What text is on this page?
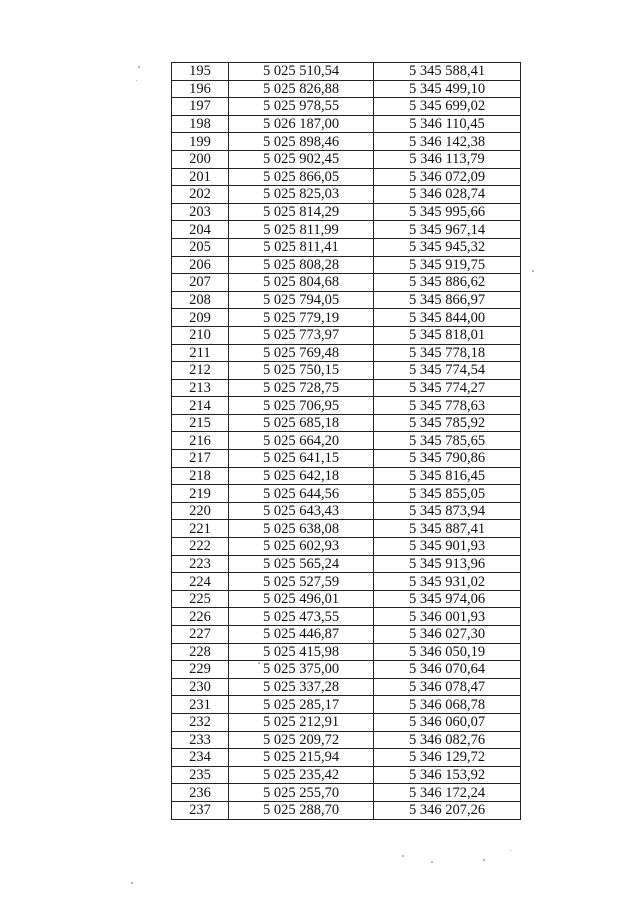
195	5 025 510,54	5 345 588,41
196	5 025 826,88	5 345 499,10
197	5 025 978,55	5 345 699,02
198	5 026 187,00	5 346 110,45
199	5 025 898,46	5 346 142,38
200	5 025 902,45	5 346 113,79
201	5 025 866,05	5 346 072,09
202	5 025 825,03	5 346 028,74
203	5 025 814,29	5 345 995,66
204	5 025 811,99	5 345 967,14
205	5 025 811,41	5 345 945,32
206	5 025 808,28	5 345 919,75
207	5 025 804,68	5 345 886,62
208	5 025 794,05	5 345 866,97
209	5 025 779,19	5 345 844,00
210	5 025 773,97	5 345 818,01
211	5 025 769,48	5 345 778,18
212	5 025 750,15	5 345 774,54
213	5 025 728,75	5 345 774,27
214	5 025 706,95	5 345 778,63
215	5 025 685,18	5 345 785,92
216	5 025 664,20	5 345 785,65
217	5 025 641,15	5 345 790,86
218	5 025 642,18	5 345 816,45
219	5 025 644,56	5 345 855,05
220	5 025 643,43	5 345 873,94
221	5 025 638,08	5 345 887,41
222	5 025 602,93	5 345 901,93
223	5 025 565,24	5 345 913,96
224	5 025 527,59	5 345 931,02
225	5 025 496,01	5 345 974,06
226	5 025 473,55	5 346 001,93
227	5 025 446,87	5 346 027,30
228	5 025 415,98	5 346 050,19
229	5 025 375,00	5 346 070,64
230	5 025 337,28	5 346 078,47
231	5 025 285,17	5 346 068,78
232	5 025 212,91	5 346 060,07
233	5 025 209,72	5 346 082,76
234	5 025 215,94	5 346 129,72
235	5 025 235,42	5 346 153,92
236	5 025 255,70	5 346 172,24
237	5 025 288,70	5 346 207,26
